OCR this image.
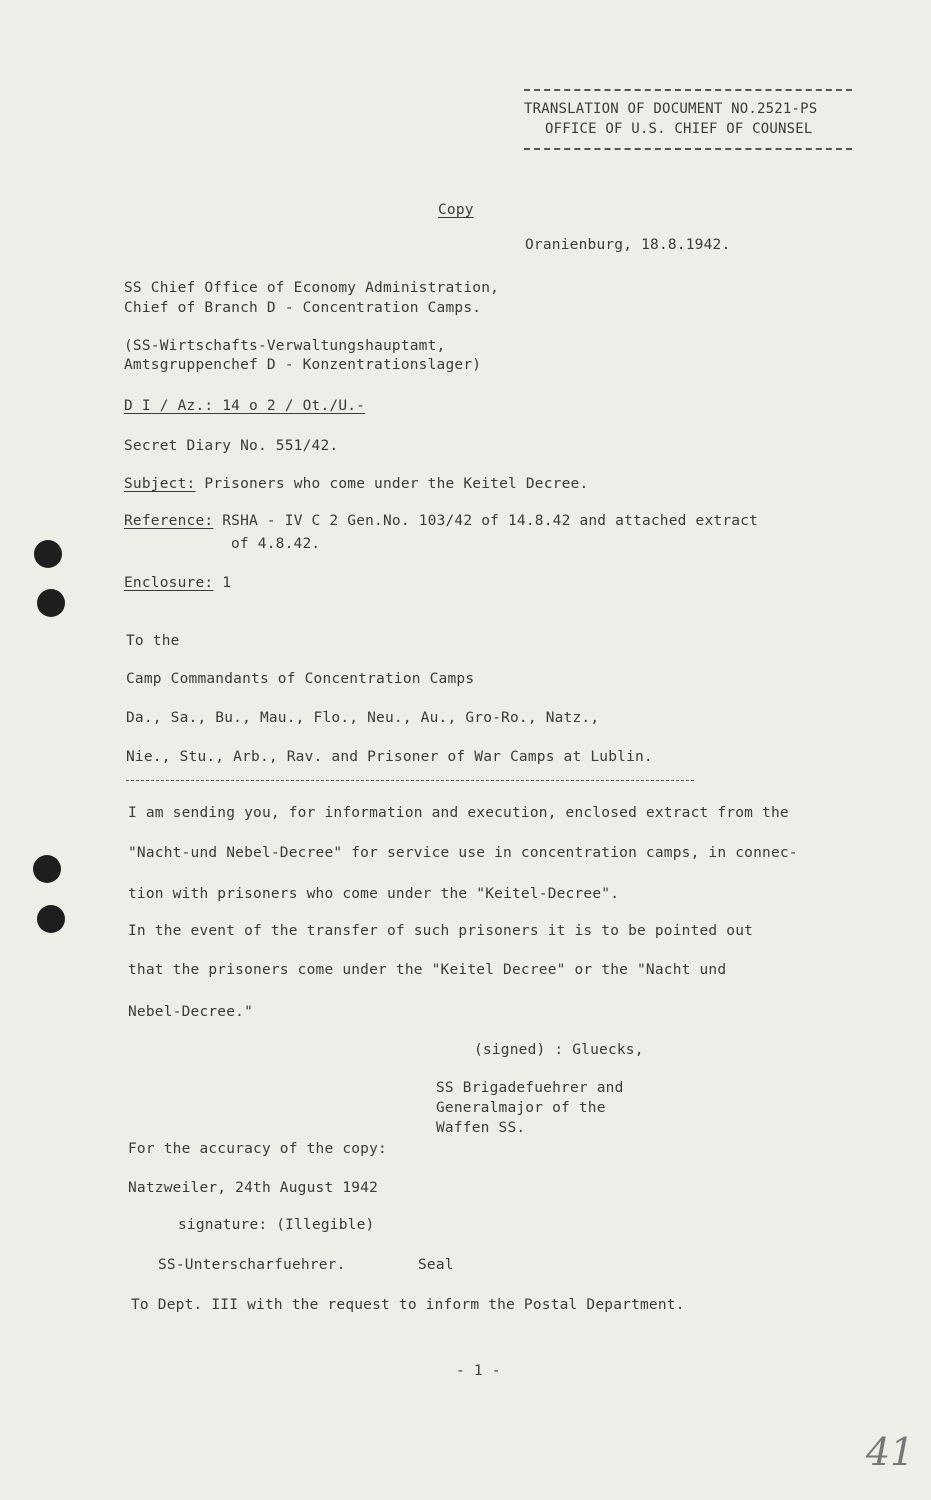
TRANSLATION OF DOCUMENT NO.2521-PS
OFFICE OF U.S. CHIEF OF COUNSEL
Copy
Oranienburg, 18.8.1942.
SS Chief Office of Economy Administration,
Chief of Branch D - Concentration Camps.
(SS-Wirtschafts-Verwaltungshauptamt,
Amtsgruppenchef D - Konzentrationslager)
D I / Az.: 14 o 2 / Ot./U.-
Secret Diary No. 551/42.
Subject: Prisoners who come under the Keitel Decree.
Reference: RSHA - IV C 2 Gen.No. 103/42 of 14.8.42 and attached extract
of 4.8.42.
Enclosure: 1
To the
Camp Commandants of Concentration Camps
Da., Sa., Bu., Mau., Flo., Neu., Au., Gro-Ro., Natz.,
Nie., Stu., Arb., Rav. and Prisoner of War Camps at Lublin.
I am sending you, for information and execution, enclosed extract from the
"Nacht-und Nebel-Decree" for service use in concentration camps, in connec-
tion with prisoners who come under the "Keitel-Decree".
In the event of the transfer of such prisoners it is to be pointed out
that the prisoners come under the "Keitel Decree" or the "Nacht und
Nebel-Decree."
(signed) : Gluecks,
SS Brigadefuehrer and
Generalmajor of the
Waffen SS.
For the accuracy of the copy:
Natzweiler, 24th August 1942
signature: (Illegible)
SS-Unterscharfuehrer.	Seal
To Dept. III with the request to inform the Postal Department.
- 1 -
41
